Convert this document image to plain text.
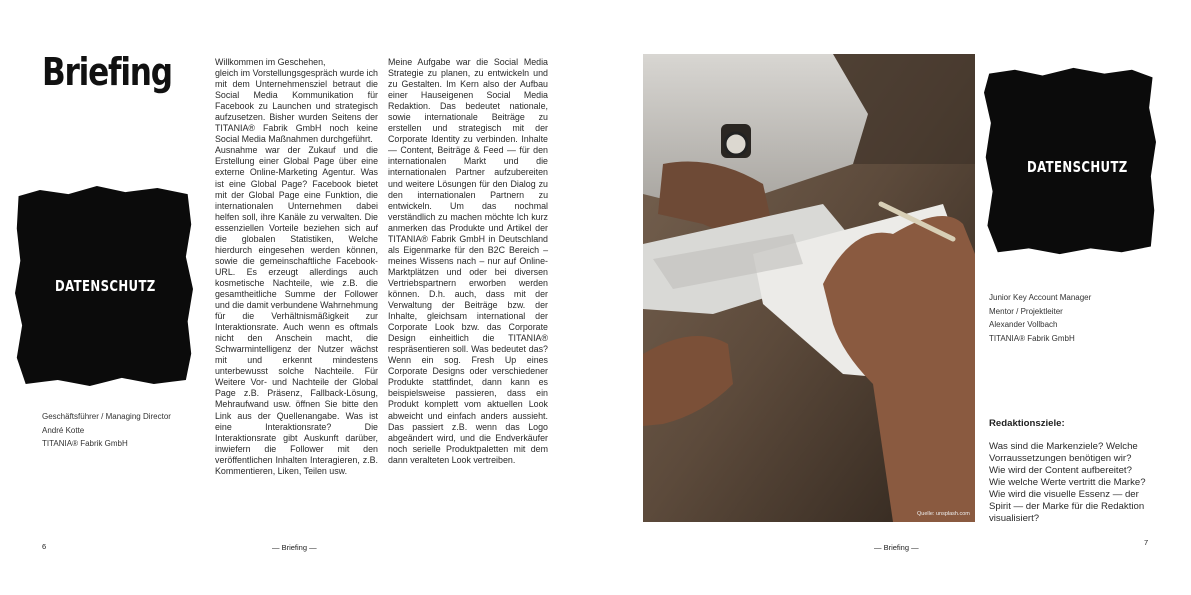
Briefing	Willkommen im Geschehen,
gleich im Vorstellungsgespräch wurde ich mit dem Unternehmensziel betraut die Social Media Kommunikation für Facebook zu Launchen und strategisch aufzusetzen. Bisher wurden Seitens der TITANIA® Fabrik GmbH noch keine Social Media Maßnahmen durchgeführt.
Ausnahme war der Zukauf und die Erstellung einer Global Page über eine externe Online-Marketing Agentur. Was ist eine Global Page? Facebook bietet mit der Global Page eine Funktion, die internationalen Unternehmen dabei helfen soll, ihre Kanäle zu verwalten. Die essenziellen Vorteile beziehen sich auf die globalen Statistiken, Welche hierdurch eingesehen werden können, sowie die gemeinschaftliche Facebook-URL. Es erzeugt allerdings auch kosmetische Nachteile, wie z.B. die gesamtheitliche Summe der Follower und die damit verbundene Wahrnehmung für die Verhältnismäßigkeit zur Interaktionsrate. Auch wenn es oftmals nicht den Anschein macht, die Schwarmintelligenz der Nutzer wächst mit und erkennt mindestens unterbewusst solche Nachteile. Für Weitere Vor- und Nachteile der Global Page z.B. Präsenz, Fallback-Lösung, Mehraufwand usw. öffnen Sie bitte den Link aus der Quellenangabe. Was ist eine Interaktionsrate? Die Interaktionsrate gibt Auskunft darüber, inwiefern die Follower mit den veröffentlichen Inhalten Interagieren, z.B. Kommentieren, Liken, Teilen usw.

Meine Aufgabe war die Social Media Strategie zu planen, zu entwickeln und zu Gestalten. Im Kern also der Aufbau einer Hauseigenen Social Media Redaktion. Das bedeutet nationale, sowie internationale Beiträge zu erstellen und strategisch mit der Corporate Identity zu verbinden. Inhalte — Content, Beiträge & Feed — für den internationalen Markt und die internationalen Partner aufzubereiten und weitere Lösungen für den Dialog zu den internationalen Partnern zu entwickeln. Um das nochmal verständlich zu machen möchte Ich kurz anmerken das Produkte und Artikel der TITANIA® Fabrik GmbH in Deutschland als Eigenmarke für den B2C Bereich – meines Wissens nach – nur auf Online-Marktplätzen und oder bei diversen Vertriebspartnern erworben werden können. D.h. auch, dass mit der Verwaltung der Beiträge bzw. der Inhalte, gleichsam international der Corporate Look bzw. das Corporate Design einheitlich die TITANIA® respräsentieren soll. Was bedeutet das? Wenn ein sog. Fresh Up eines Corporate Designs oder verschiedener Produkte stattfindet, dann kann es beispielsweise passieren, dass ein Produkt komplett vom aktuellen Look abweicht und einfach anders aussieht. Das passiert z.B. wenn das Logo abgeändert wird, und die Endverkäufer noch serielle Produktpaletten mit dem dann veralteten Look vertreiben.

DATENSCHUTZ
Geschäftsführer / Managing Director
André Kotte
TITANIA® Fabrik GmbH
6	— Briefing —
Quelle: unsplash.com
DATENSCHUTZ
Junior Key Account Manager
Mentor / Projektleiter
Alexander Vollbach
TITANIA® Fabrik GmbH

Redaktionsziele:

Was sind die Markenziele? Welche Vorraussetzungen benötigen wir?
Wie wird der Content aufbereitet?
Wie welche Werte vertritt die Marke?
Wie wird die visuelle Essenz — der Spirit — der Marke für die Redaktion visualisiert?
7
— Briefing —
